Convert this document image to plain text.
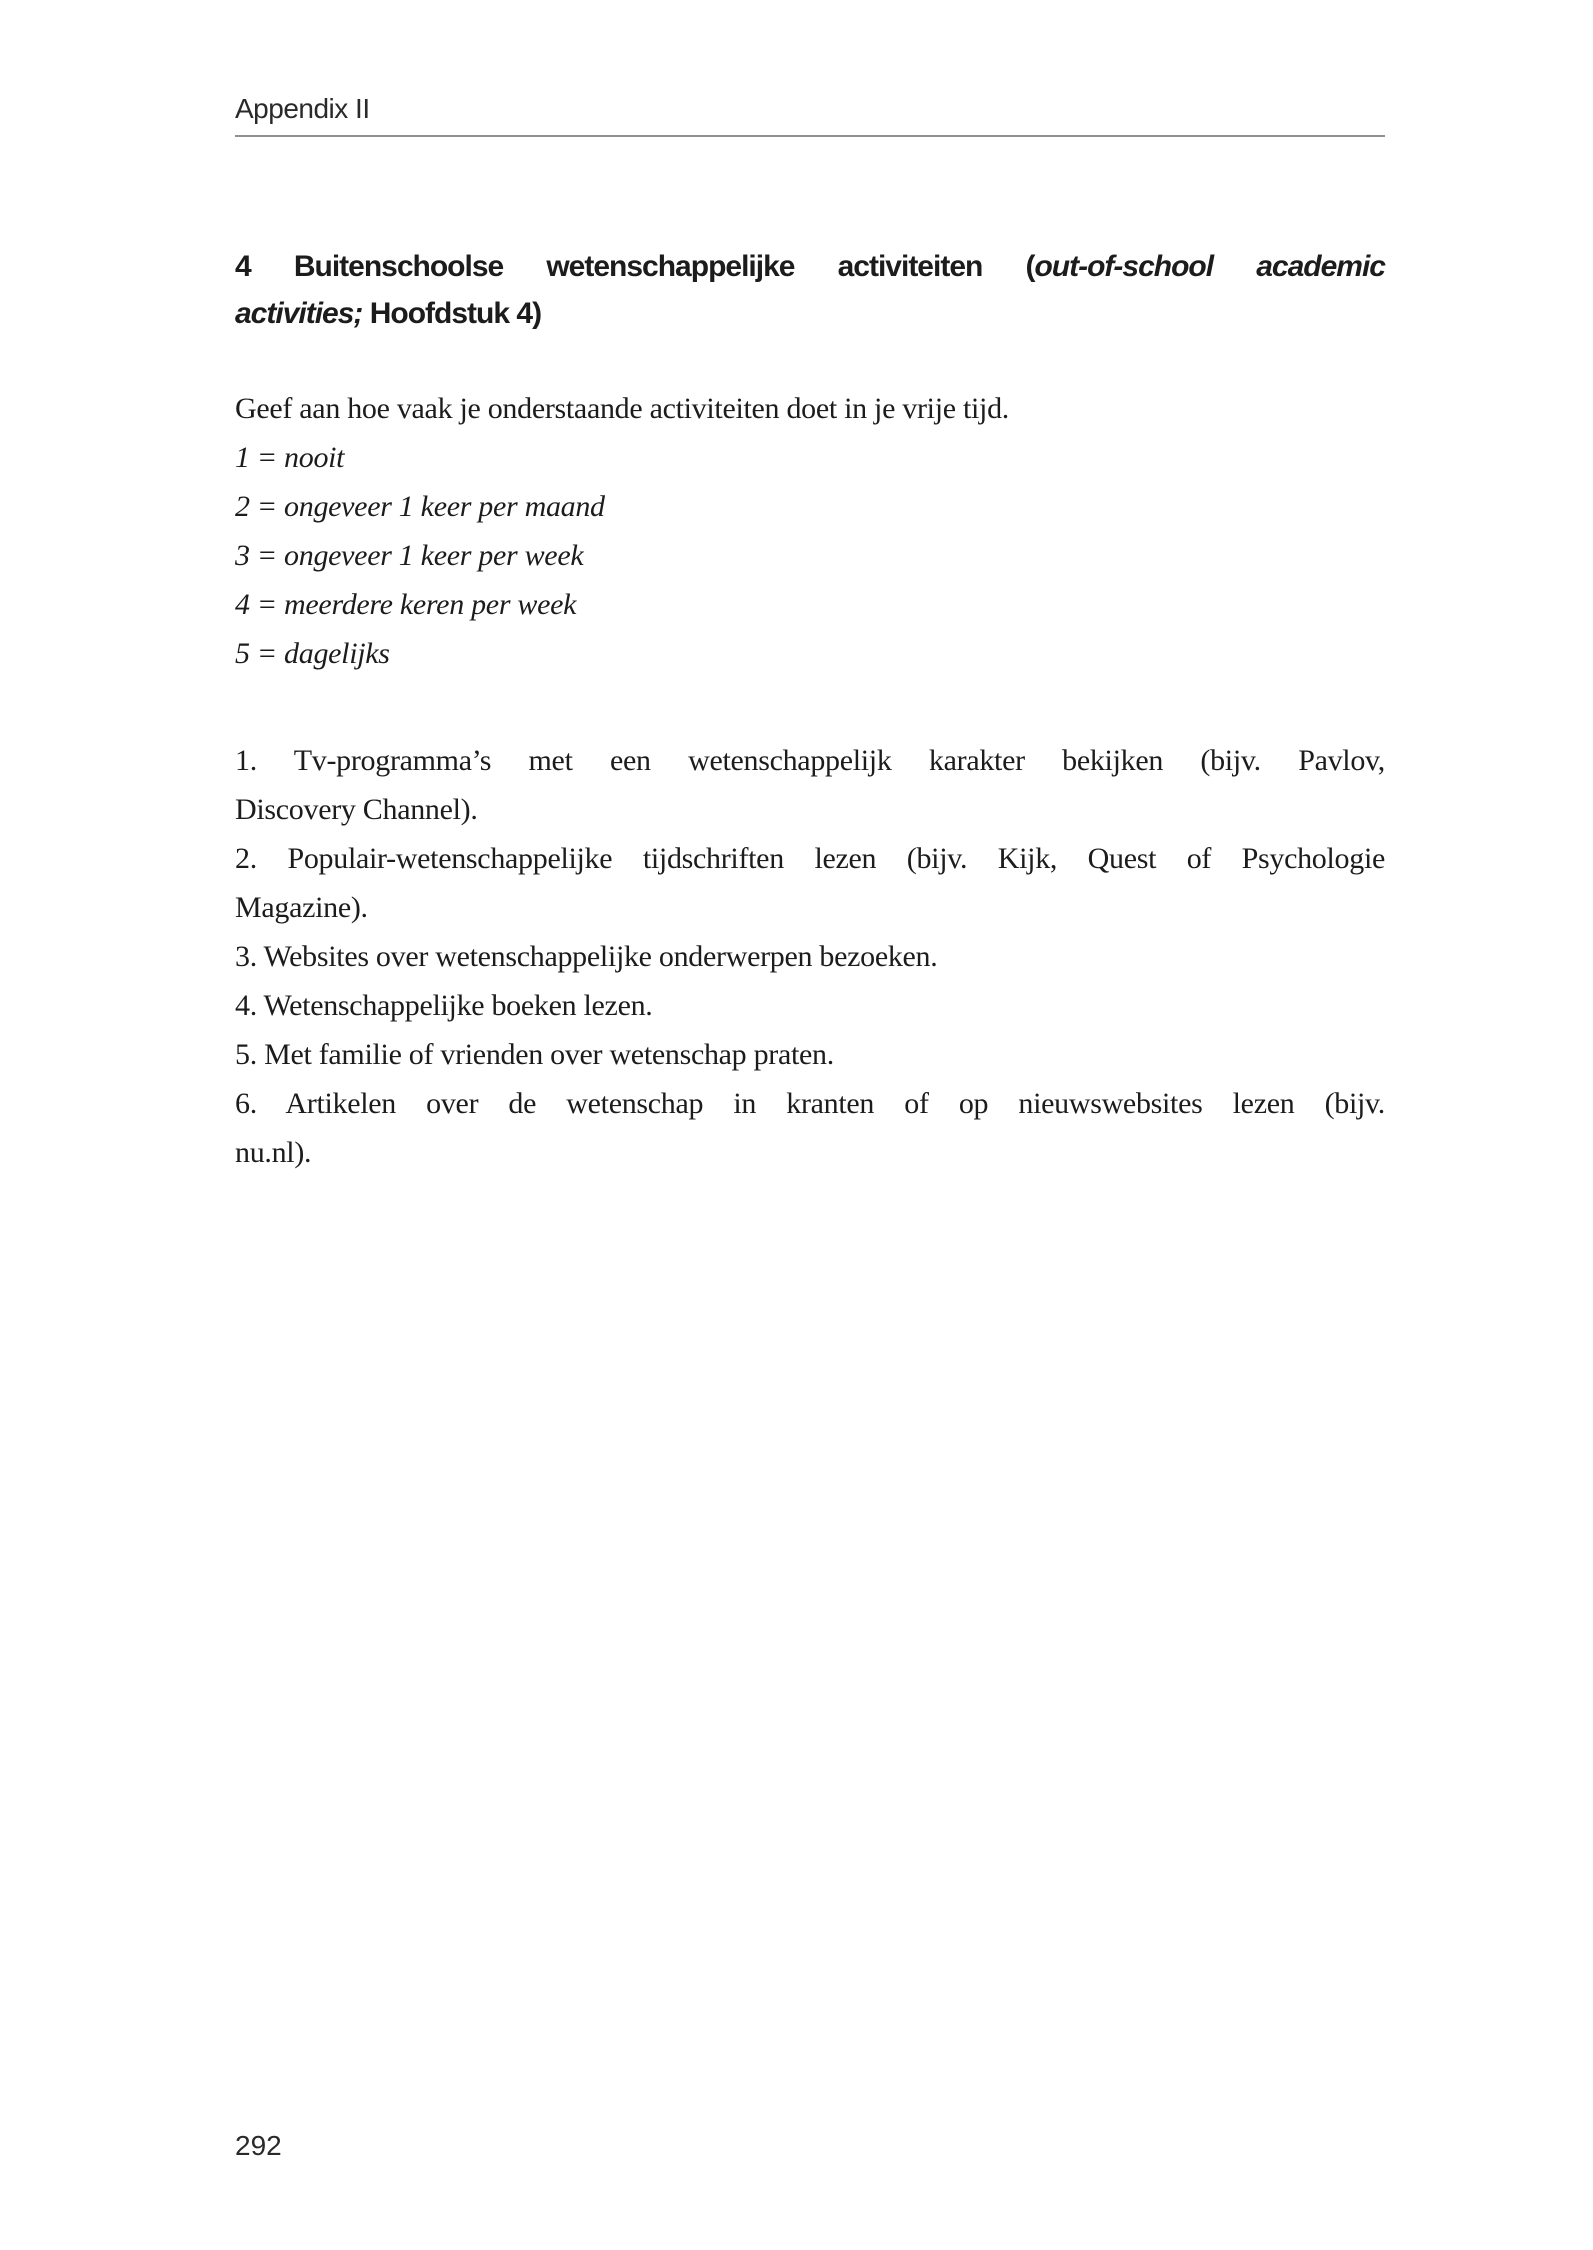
Appendix II
4 Buitenschoolse wetenschappelijke activiteiten (out-of-school academic
activities; Hoofdstuk 4)
Geef aan hoe vaak je onderstaande activiteiten doet in je vrije tijd.
1 = nooit
2 = ongeveer 1 keer per maand
3 = ongeveer 1 keer per week
4 = meerdere keren per week
5 = dagelijks
1. Tv-programma’s met een wetenschappelijk karakter bekijken (bijv. Pavlov,
Discovery Channel).
2. Populair-wetenschappelijke tijdschriften lezen (bijv. Kijk, Quest of Psychologie
Magazine).
3. Websites over wetenschappelijke onderwerpen bezoeken.
4. Wetenschappelijke boeken lezen.
5. Met familie of vrienden over wetenschap praten.
6. Artikelen over de wetenschap in kranten of op nieuwswebsites lezen (bijv.
nu.nl).
292
